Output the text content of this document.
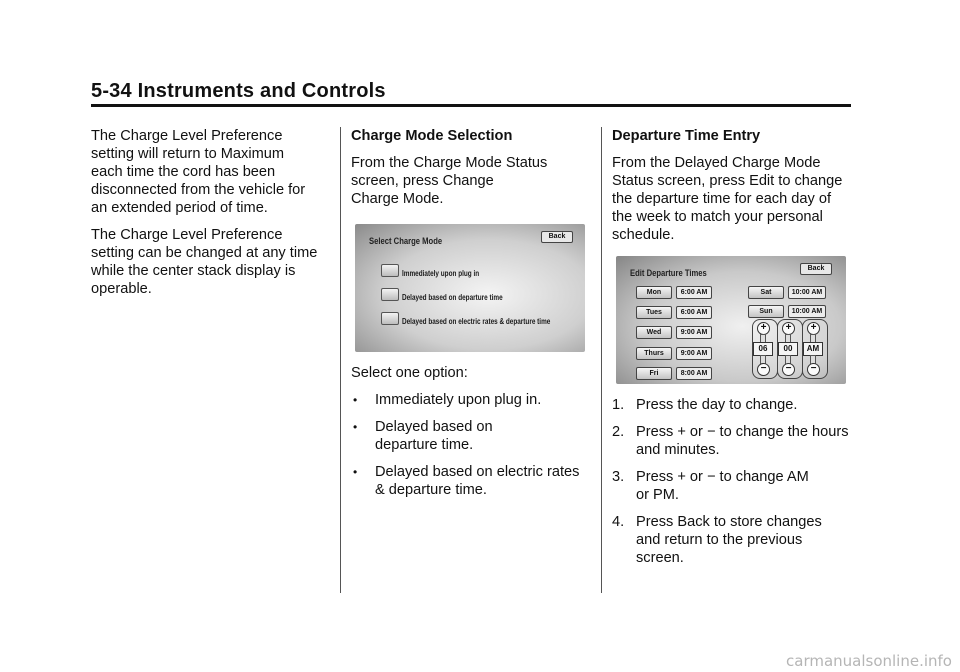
5-34 Instruments and Controls

The Charge Level Preference
setting will return to Maximum
each time the cord has been
disconnected from the vehicle for
an extended period of time.

The Charge Level Preference
setting can be changed at any time
while the center stack display is
operable.

Charge Mode Selection

From the Charge Mode Status
screen, press Change
Charge Mode.

Select Charge Mode	Back
Immediately upon plug in
Delayed based on departure time
Delayed based on electric rates & departure time

Select one option:

• Immediately upon plug in.
• Delayed based on
departure time.
• Delayed based on electric rates
& departure time.

Departure Time Entry

From the Delayed Charge Mode
Status screen, press Edit to change
the departure time for each day of
the week to match your personal
schedule.

Edit Departure Times	Back
Mon	6:00 AM
Tues	6:00 AM
Wed	9:00 AM
Thurs	9:00 AM
Fri	8:00 AM
Sat	10:00 AM
Sun	10:00 AM
+
06
−
+
00
−
+
AM
−
1. Press the day to change.
2. Press + or − to change the hours
and minutes.
3. Press + or − to change AM
or PM.
4. Press Back to store changes
and return to the previous
screen.
carmanualsonline.info
